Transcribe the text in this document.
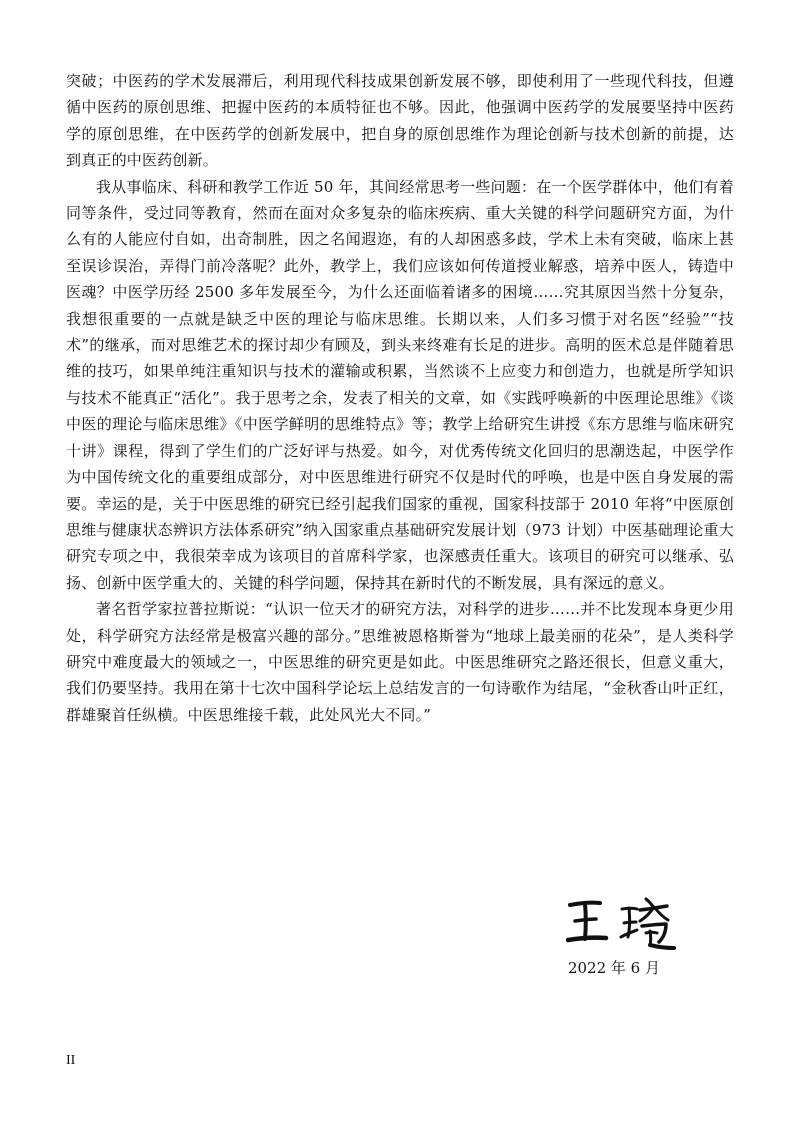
突破；中医药的学术发展滞后，利用现代科技成果创新发展不够，即使利用了一些现代科技，但遵循中医药的原创思维、把握中医药的本质特征也不够。因此，他强调中医药学的发展要坚持中医药学的原创思维，在中医药学的创新发展中，把自身的原创思维作为理论创新与技术创新的前提，达到真正的中医药创新。

我从事临床、科研和教学工作近 50 年，其间经常思考一些问题：在一个医学群体中，他们有着同等条件，受过同等教育，然而在面对众多复杂的临床疾病、重大关键的科学问题研究方面，为什么有的人能应付自如，出奇制胜，因之名闻遐迩，有的人却困惑多歧，学术上未有突破，临床上甚至误诊误治，弄得门前冷落呢？此外，教学上，我们应该如何传道授业解惑，培养中医人，铸造中医魂？中医学历经 2500 多年发展至今，为什么还面临着诸多的困境……究其原因当然十分复杂，我想很重要的一点就是缺乏中医的理论与临床思维。长期以来，人们多习惯于对名医“经验”“技术”的继承，而对思维艺术的探讨却少有顾及，到头来终难有长足的进步。高明的医术总是伴随着思维的技巧，如果单纯注重知识与技术的灌输或积累，当然谈不上应变力和创造力，也就是所学知识与技术不能真正“活化”。我于思考之余，发表了相关的文章，如《实践呼唤新的中医理论思维》《谈中医的理论与临床思维》《中医学鲜明的思维特点》等；教学上给研究生讲授《东方思维与临床研究十讲》课程，得到了学生们的广泛好评与热爱。如今，对优秀传统文化回归的思潮迭起，中医学作为中国传统文化的重要组成部分，对中医思维进行研究不仅是时代的呼唤，也是中医自身发展的需要。幸运的是，关于中医思维的研究已经引起我们国家的重视，国家科技部于 2010 年将“中医原创思维与健康状态辨识方法体系研究”纳入国家重点基础研究发展计划（973 计划）中医基础理论重大研究专项之中，我很荣幸成为该项目的首席科学家，也深感责任重大。该项目的研究可以继承、弘扬、创新中医学重大的、关键的科学问题，保持其在新时代的不断发展，具有深远的意义。

著名哲学家拉普拉斯说：“认识一位天才的研究方法，对科学的进步……并不比发现本身更少用处，科学研究方法经常是极富兴趣的部分。”思维被恩格斯誉为“地球上最美丽的花朵”，是人类科学研究中难度最大的领域之一，中医思维的研究更是如此。中医思维研究之路还很长，但意义重大，我们仍要坚持。我用在第十七次中国科学论坛上总结发言的一句诗歌作为结尾，“金秋香山叶正红，群雄聚首任纵横。中医思维接千载，此处风光大不同。”

2022 年 6 月
II
